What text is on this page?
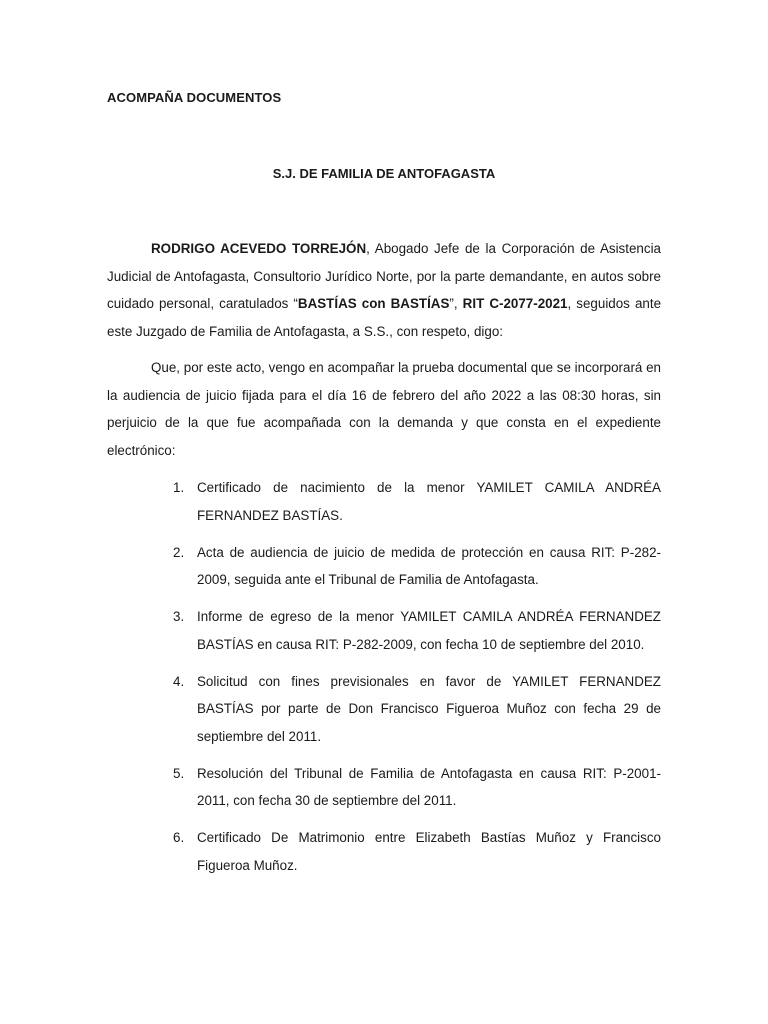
ACOMPAÑA DOCUMENTOS
S.J. DE FAMILIA DE ANTOFAGASTA
RODRIGO ACEVEDO TORREJÓN, Abogado Jefe de la Corporación de Asistencia Judicial de Antofagasta, Consultorio Jurídico Norte, por la parte demandante, en autos sobre cuidado personal, caratulados “BASTÍAS con BASTÍAS”, RIT C-2077-2021, seguidos ante este Juzgado de Familia de Antofagasta, a S.S., con respeto, digo:
Que, por este acto, vengo en acompañar la prueba documental que se incorporará en la audiencia de juicio fijada para el día 16 de febrero del año 2022 a las 08:30 horas, sin perjuicio de la que fue acompañada con la demanda y que consta en el expediente electrónico:
1. Certificado de nacimiento de la menor YAMILET CAMILA ANDRÉA FERNANDEZ BASTÍAS.
2. Acta de audiencia de juicio de medida de protección en causa RIT: P-282-2009, seguida ante el Tribunal de Familia de Antofagasta.
3. Informe de egreso de la menor YAMILET CAMILA ANDRÉA FERNANDEZ BASTÍAS en causa RIT: P-282-2009, con fecha 10 de septiembre del 2010.
4. Solicitud con fines previsionales en favor de YAMILET FERNANDEZ BASTÍAS por parte de Don Francisco Figueroa Muñoz con fecha 29 de septiembre del 2011.
5. Resolución del Tribunal de Familia de Antofagasta en causa RIT: P-2001-2011, con fecha 30 de septiembre del 2011.
6. Certificado De Matrimonio entre Elizabeth Bastías Muñoz y Francisco Figueroa Muñoz.
